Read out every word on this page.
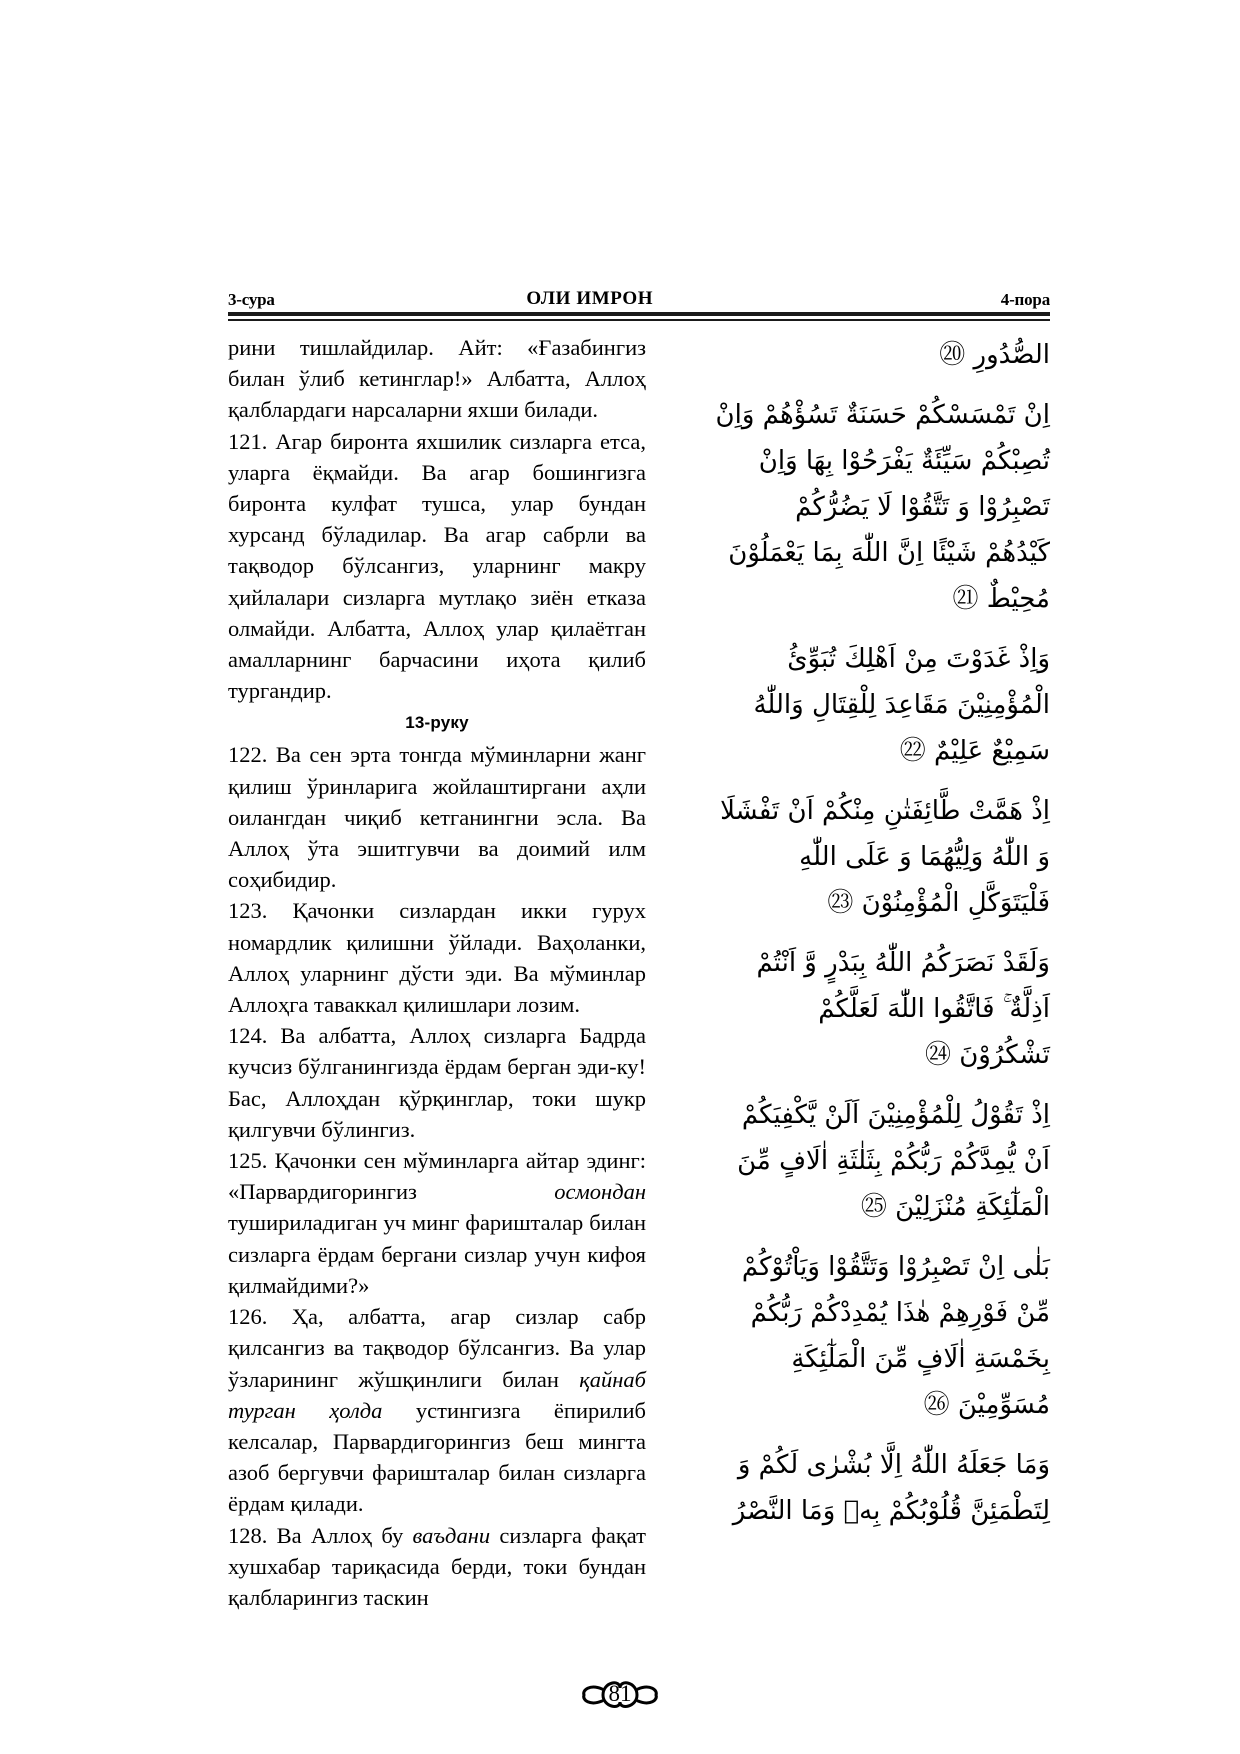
3-сура	ОЛИ ИМРОН	4-пора

рини тишлайдилар. Айт: «Ғазабингиз билан ўлиб кетинглар!» Албатта, Аллоҳ қалблардаги нарсаларни яхши билади.

121. Агар биронта яхшилик сизларга етса, уларга ёқмайди. Ва агар бошингизга биронта кулфат тушса, улар бундан хурсанд бўладилар. Ва агар сабрли ва тақводор бўлсангиз, уларнинг макру ҳийлалари сизларга мутлақо зиён етказа олмайди. Албатта, Аллоҳ улар қилаётган амалларнинг барчасини иҳота қилиб тургандир.

13-руку

122. Ва сен эрта тонгда мўминларни жанг қилиш ўринларига жойлаштиргани аҳли оилангдан чиқиб кетганингни эсла. Ва Аллоҳ ўта эшитгувчи ва доимий илм соҳибидир.

123. Қачонки сизлардан икки гурух номардлик қилишни ўйлади. Ваҳоланки, Аллоҳ уларнинг дўсти эди. Ва мўминлар Аллоҳга таваккал қилишлари лозим.

124. Ва албатта, Аллоҳ сизларга Бадрда кучсиз бўлганингизда ёрдам берган эди-ку! Бас, Аллоҳдан қўрқинглар, токи шукр қилгувчи бўлингиз.

125. Қачонки сен мўминларга айтар эдинг: «Парвардигорингиз осмондан тушириладиган уч минг фаришталар билан сизларга ёрдам бергани сизлар учун кифоя қилмайдими?»

126. Ҳа, албатта, агар сизлар сабр қилсангиз ва тақводор бўлсангиз. Ва улар ўзларининг жўшқинлиги билан қайнаб турган ҳолда устингизга ёпирилиб келсалар, Парвардигорингиз беш мингта азоб бергувчи фаришталар билан сизларга ёрдам қилади.

128. Ва Аллоҳ бу ваъдани сизларга фақат хушхабар тариқасида берди, токи бундан қалбларингиз таскин

الصُّدُورِ ⑳
اِنْ تَمْسَسْكُمْ حَسَنَةٌ تَسُؤْهُمْ وَاِنْ
تُصِبْكُمْ سَيِّئَةٌ يَفْرَحُوْا بِهَا وَاِنْ
تَصْبِرُوْا وَ تَتَّقُوْا لَا يَضُرُّكُمْ
كَيْدُهُمْ شَيْئًا اِنَّ اللّٰهَ بِمَا يَعْمَلُوْنَ
مُحِيْطٌ ㉑
وَاِذْ غَدَوْتَ مِنْ اَهْلِكَ تُبَوِّئُ
الْمُؤْمِنِيْنَ مَقَاعِدَ لِلْقِتَالِ وَاللّٰهُ
سَمِيْعٌ عَلِيْمٌ ㉒
اِذْ هَمَّتْ طَّائِفَتٰنِ مِنْكُمْ اَنْ تَفْشَلَا
وَ اللّٰهُ وَلِيُّهُمَا وَ عَلَى اللّٰهِ
فَلْيَتَوَكَّلِ الْمُؤْمِنُوْنَ ㉓
وَلَقَدْ نَصَرَكُمُ اللّٰهُ بِبَدْرٍ وَّ اَنْتُمْ
اَذِلَّةٌ ۚ فَاتَّقُوا اللّٰهَ لَعَلَّكُمْ
تَشْكُرُوْنَ ㉔
اِذْ تَقُوْلُ لِلْمُؤْمِنِيْنَ اَلَنْ يَّكْفِيَكُمْ
اَنْ يُّمِدَّكُمْ رَبُّكُمْ بِثَلٰثَةِ اٰلَافٍ مِّنَ
الْمَلٰٓئِكَةِ مُنْزَلِيْنَ ㉕
بَلٰى اِنْ تَصْبِرُوْا وَتَتَّقُوْا وَيَاْتُوْكُمْ
مِّنْ فَوْرِهِمْ هٰذَا يُمْدِدْكُمْ رَبُّكُمْ
بِخَمْسَةِ اٰلَافٍ مِّنَ الْمَلٰٓئِكَةِ
مُسَوِّمِيْنَ ㉖
وَمَا جَعَلَهُ اللّٰهُ اِلَّا بُشْرٰى لَكُمْ وَ
لِتَطْمَئِنَّ قُلُوْبُكُمْ بِهٖ وَمَا النَّصْرُ
81
